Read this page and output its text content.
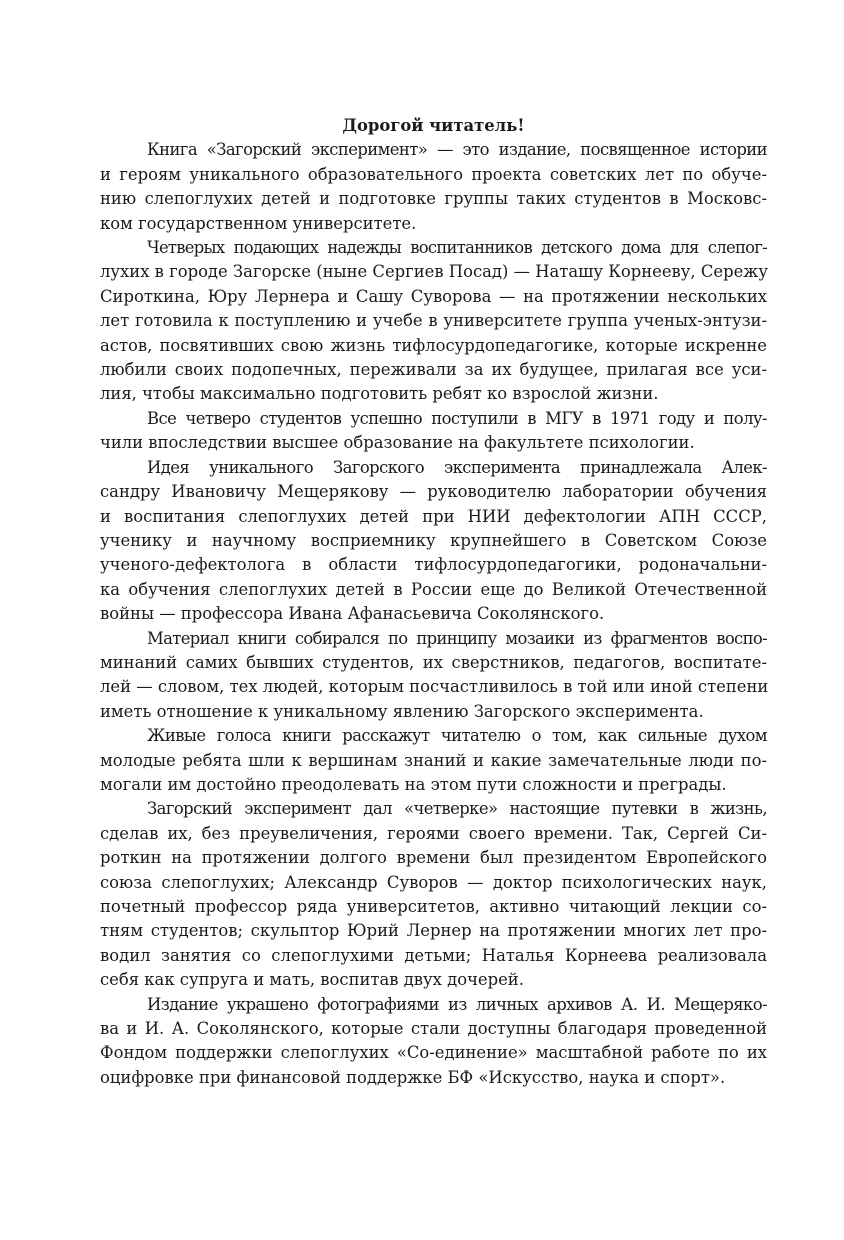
Дорогой читатель!

Книга «Загорский эксперимент» — это издание, посвященное истории
и героям уникального образовательного проекта советских лет по обуче-
нию слепоглухих детей и подготовке группы таких студентов в Московс-
ком государственном университете.

Четверых подающих надежды воспитанников детского дома для слепог-
лухих в городе Загорске (ныне Сергиев Посад) — Наташу Корнееву, Сережу
Сироткина, Юру Лернера и Сашу Суворова — на протяжении нескольких
лет готовила к поступлению и учебе в университете группа ученых-энтузи-
астов, посвятивших свою жизнь тифлосурдопедагогике, которые искренне
любили своих подопечных, переживали за их будущее, прилагая все уси-
лия, чтобы максимально подготовить ребят ко взрослой жизни.

Все четверо студентов успешно поступили в МГУ в 1971 году и полу-
чили впоследствии высшее образование на факультете психологии.

Идея уникального Загорского эксперимента принадлежала Алек-
сандру Ивановичу Мещерякову — руководителю лаборатории обучения
и воспитания слепоглухих детей при НИИ дефектологии АПН СССР,
ученику и научному восприемнику крупнейшего в Советском Союзе
ученого-дефектолога в области тифлосурдопедагогики, родоначальни-
ка обучения слепоглухих детей в России еще до Великой Отечественной
войны — профессора Ивана Афанасьевича Соколянского.

Материал книги собирался по принципу мозаики из фрагментов воспо-
минаний самих бывших студентов, их сверстников, педагогов, воспитате-
лей — словом, тех людей, которым посчастливилось в той или иной степени
иметь отношение к уникальному явлению Загорского эксперимента.

Живые голоса книги расскажут читателю о том, как сильные духом
молодые ребята шли к вершинам знаний и какие замечательные люди по-
могали им достойно преодолевать на этом пути сложности и преграды.

Загорский эксперимент дал «четверке» настоящие путевки в жизнь,
сделав их, без преувеличения, героями своего времени. Так, Сергей Си-
роткин на протяжении долгого времени был президентом Европейского
союза слепоглухих; Александр Суворов — доктор психологических наук,
почетный профессор ряда университетов, активно читающий лекции со-
тням студентов; скульптор Юрий Лернер на протяжении многих лет про-
водил занятия со слепоглухими детьми; Наталья Корнеева реализовала
себя как супруга и мать, воспитав двух дочерей.

Издание украшено фотографиями из личных архивов А. И. Мещерякo-
ва и И. А. Соколянского, которые стали доступны благодаря проведенной
Фондом поддержки слепоглухих «Со-единение» масштабной работе по их
оцифровке при финансовой поддержке БФ «Искусство, наука и спорт».
